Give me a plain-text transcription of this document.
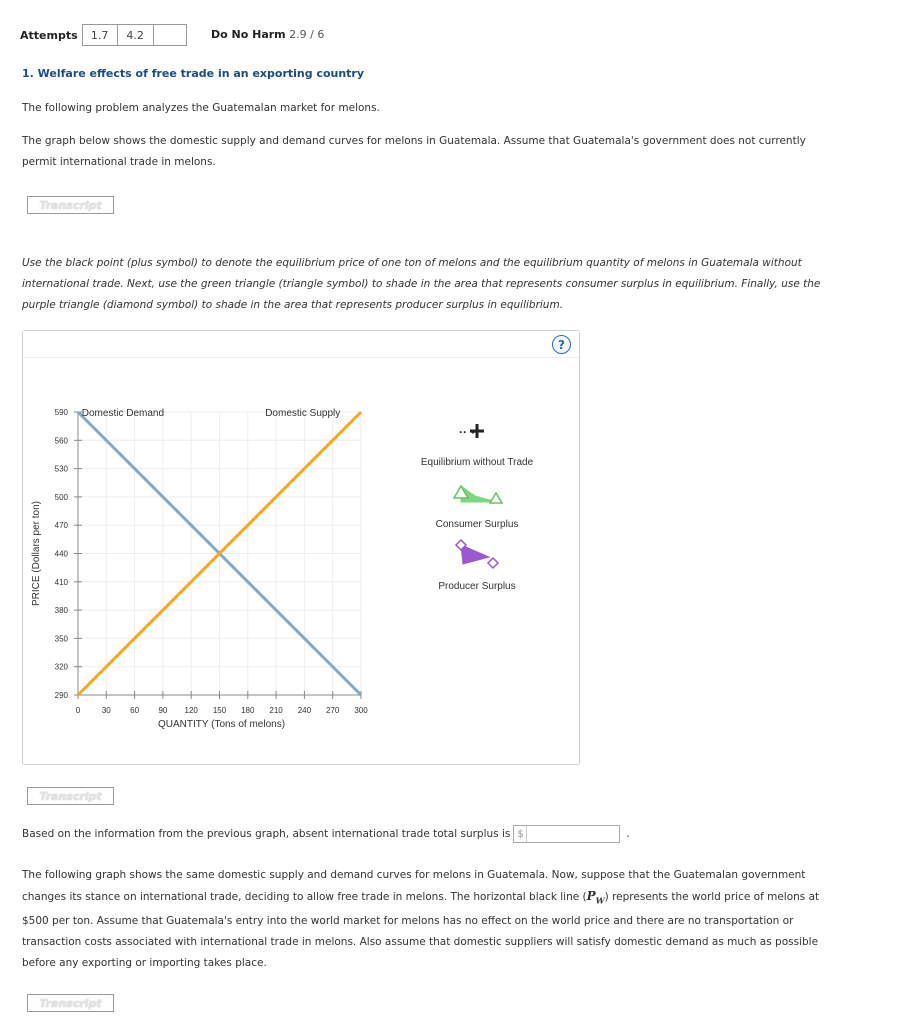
Attempts	1.7	4.2	Do No Harm 2.9 / 6
1. Welfare effects of free trade in an exporting country
The following problem analyzes the Guatemalan market for melons.
The graph below shows the domestic supply and demand curves for melons in Guatemala. Assume that Guatemala's government does not currently permit international trade in melons.
Transcript
Use the black point (plus symbol) to denote the equilibrium price of one ton of melons and the equilibrium quantity of melons in Guatemala without international trade. Next, use the green triangle (triangle symbol) to shade in the area that represents consumer surplus in equilibrium. Finally, use the purple triangle (diamond symbol) to shade in the area that represents producer surplus in equilibrium.
?
290
320
350
380
410
440
470
500
530
560
590
0	30 60 90 120 150 180 210 240 270 300
Domestic Demand	Domestic Supply
QUANTITY (Tons of melons)
PRICE (Dollars per ton)
··
Equilibrium without Trade
Consumer Surplus
Producer Surplus
Transcript
Based on the information from the previous graph, absent international trade total surplus is $	.
The following graph shows the same domestic supply and demand curves for melons in Guatemala. Now, suppose that the Guatemalan government changes its stance on international trade, deciding to allow free trade in melons. The horizontal black line $(P_W)$ represents the world price of melons at $500 per ton. Assume that Guatemala's entry into the world market for melons has no effect on the world price and there are no transportation or transaction costs associated with international trade in melons. Also assume that domestic suppliers will satisfy domestic demand as much as possible before any exporting or importing takes place.
Transcript
